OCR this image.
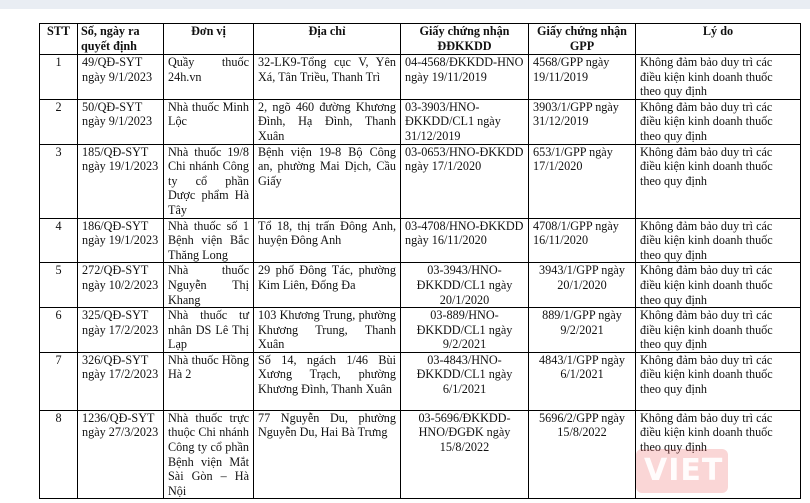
STT	Số, ngày ra quyết định	Đơn vị	Địa chỉ	Giấy chứng nhận ĐĐKKDD	Giấy chứng nhận GPP	Lý do
1	49/QĐ-SYT ngày 9/1/2023	Quầy thuốc 24h.vn	32-LK9-Tổng cục V, Yên Xá, Tân Triều, Thanh Trì	04-4568/ĐKKDD-HNO ngày 19/11/2019	4568/GPP ngày 19/11/2019	Không đảm bảo duy trì các điều kiện kinh doanh thuốc theo quy định
2	50/QĐ-SYT ngày 9/1/2023	Nhà thuốc Minh Lộc	2, ngõ 460 đường Khương Đình, Hạ Đình, Thanh Xuân	03-3903/HNO-ĐKKDD/CL1 ngày 31/12/2019	3903/1/GPP ngày 31/12/2019	Không đảm bảo duy trì các điều kiện kinh doanh thuốc theo quy định
3	185/QĐ-SYT ngày 19/1/2023	Nhà thuốc 19/8 Chi nhánh Công ty cổ phần Dược phẩm Hà Tây	Bệnh viện 19-8 Bộ Công an, phường Mai Dịch, Cầu Giấy	03-0653/HNO-ĐKKDD ngày 17/1/2020	653/1/GPP ngày 17/1/2020	Không đảm bảo duy trì các điều kiện kinh doanh thuốc theo quy định
4	186/QĐ-SYT ngày 19/1/2023	Nhà thuốc số 1 Bệnh viện Bắc Thăng Long	Tổ 18, thị trấn Đông Anh, huyện Đông Anh	03-4708/HNO-ĐKKDD ngày 16/11/2020	4708/1/GPP ngày 16/11/2020	Không đảm bảo duy trì các điều kiện kinh doanh thuốc theo quy định
5	272/QĐ-SYT ngày 10/2/2023	Nhà thuốc Nguyễn Thị Khang	29 phố Đông Tác, phường Kim Liên, Đống Đa	03-3943/HNO-ĐKKDD/CL1 ngày 20/1/2020	3943/1/GPP ngày 20/1/2020	Không đảm bảo duy trì các điều kiện kinh doanh thuốc theo quy định
6	325/QĐ-SYT ngày 17/2/2023	Nhà thuốc tư nhân DS Lê Thị Lạp	103 Khương Trung, phường Khương Trung, Thanh Xuân	03-889/HNO-ĐKKDD/CL1 ngày 9/2/2021	889/1/GPP ngày 9/2/2021	Không đảm bảo duy trì các điều kiện kinh doanh thuốc theo quy định
7	326/QĐ-SYT ngày 17/2/2023	Nhà thuốc Hồng Hà 2	Số 14, ngách 1/46 Bùi Xương Trạch, phường Khương Đình, Thanh Xuân	03-4843/HNO-ĐKKDD/CL1 ngày 6/1/2021	4843/1/GPP ngày 6/1/2021	Không đảm bảo duy trì các điều kiện kinh doanh thuốc theo quy định
8	1236/QĐ-SYT ngày 27/3/2023	Nhà thuốc trực thuộc Chi nhánh Công ty cổ phần Bệnh viện Mắt Sài Gòn – Hà Nội	77 Nguyễn Du, phường Nguyễn Du, Hai Bà Trưng	03-5696/ĐKKDD-HNO/ĐGĐK ngày 15/8/2022	5696/2/GPP ngày 15/8/2022	Không đảm bảo duy trì các điều kiện kinh doanh thuốc theo quy định
VIET
